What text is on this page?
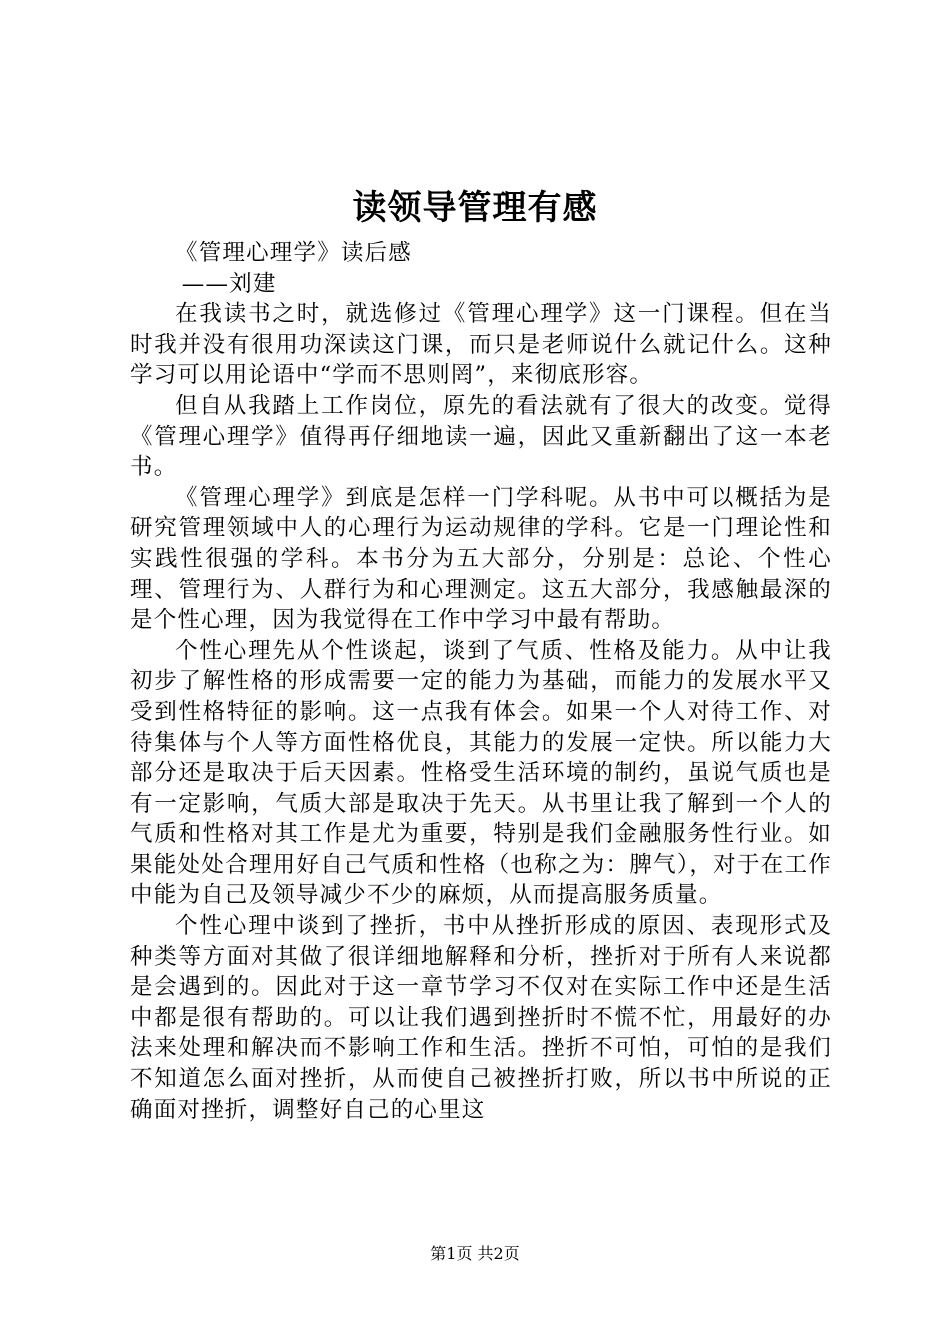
读领导管理有感

《管理心理学》读后感

——刘建

在我读书之时，就选修过《管理心理学》这一门课程。但在当时我并没有很用功深读这门课，而只是老师说什么就记什么。这种学习可以用论语中“学而不思则罔”，来彻底形容。

但自从我踏上工作岗位，原先的看法就有了很大的改变。觉得《管理心理学》值得再仔细地读一遍，因此又重新翻出了这一本老书。

《管理心理学》到底是怎样一门学科呢。从书中可以概括为是研究管理领域中人的心理行为运动规律的学科。它是一门理论性和实践性很强的学科。本书分为五大部分，分别是：总论、个性心理、管理行为、人群行为和心理测定。这五大部分，我感触最深的是个性心理，因为我觉得在工作中学习中最有帮助。

个性心理先从个性谈起，谈到了气质、性格及能力。从中让我初步了解性格的形成需要一定的能力为基础，而能力的发展水平又受到性格特征的影响。这一点我有体会。如果一个人对待工作、对待集体与个人等方面性格优良，其能力的发展一定快。所以能力大部分还是取决于后天因素。性格受生活环境的制约，虽说气质也是有一定影响，气质大部是取决于先天。从书里让我了解到一个人的气质和性格对其工作是尤为重要，特别是我们金融服务性行业。如果能处处合理用好自己气质和性格（也称之为：脾气），对于在工作中能为自己及领导减少不少的麻烦，从而提高服务质量。

个性心理中谈到了挫折，书中从挫折形成的原因、表现形式及种类等方面对其做了很详细地解释和分析，挫折对于所有人来说都是会遇到的。因此对于这一章节学习不仅对在实际工作中还是生活中都是很有帮助的。可以让我们遇到挫折时不慌不忙，用最好的办法来处理和解决而不影响工作和生活。挫折不可怕，可怕的是我们不知道怎么面对挫折，从而使自己被挫折打败，所以书中所说的正确面对挫折，调整好自己的心里这

第1页 共2页
